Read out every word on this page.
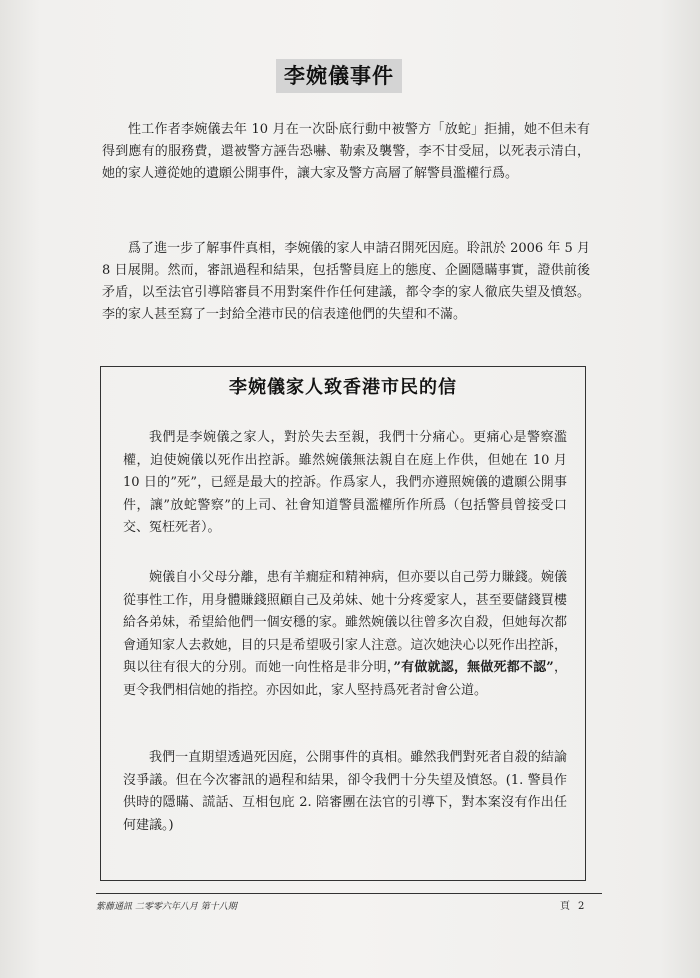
李婉儀事件

性工作者李婉儀去年 10 月在一次卧底行動中被警方「放蛇」拒捕，她不但未有得到應有的服務費，還被警方誣告恐嚇、勒索及襲警，李不甘受屈，以死表示清白，她的家人遵從她的遺願公開事件，讓大家及警方高層了解警員濫權行爲。

爲了進一步了解事件真相，李婉儀的家人申請召開死因庭。聆訊於 2006 年 5 月 8 日展開。然而，審訊過程和結果，包括警員庭上的態度、企圖隱瞞事實，證供前後矛盾，以至法官引導陪審員不用對案件作任何建議，都令李的家人徹底失望及憤怒。李的家人甚至寫了一封給全港市民的信表達他們的失望和不滿。

李婉儀家人致香港市民的信

我們是李婉儀之家人，對於失去至親，我們十分痛心。更痛心是警察濫權，迫使婉儀以死作出控訴。雖然婉儀無法親自在庭上作供，但她在 10 月 10 日的”死”，已經是最大的控訴。作爲家人，我們亦遵照婉儀的遺願公開事件，讓”放蛇警察”的上司、社會知道警員濫權所作所爲（包括警員曾接受口交、冤枉死者）。

婉儀自小父母分離，患有羊癇症和精神病，但亦要以自己勞力賺錢。婉儀從事性工作，用身體賺錢照顧自己及弟妹、她十分疼愛家人，甚至要儲錢買樓給各弟妹，希望給他們一個安穩的家。雖然婉儀以往曾多次自殺，但她每次都會通知家人去救她，目的只是希望吸引家人注意。這次她決心以死作出控訴，與以往有很大的分別。而她一向性格是非分明，”有做就認，無做死都不認”， 更令我們相信她的指控。亦因如此，家人堅持爲死者討會公道。

我們一直期望透過死因庭，公開事件的真相。雖然我們對死者自殺的結論沒爭議。但在今次審訊的過程和結果，卻令我們十分失望及憤怒。(1. 警員作供時的隱瞞、謊話、互相包庇 2. 陪審團在法官的引導下，對本案沒有作出任何建議。)

紫藤通訊 二零零六年八月 第十八期	頁 2
